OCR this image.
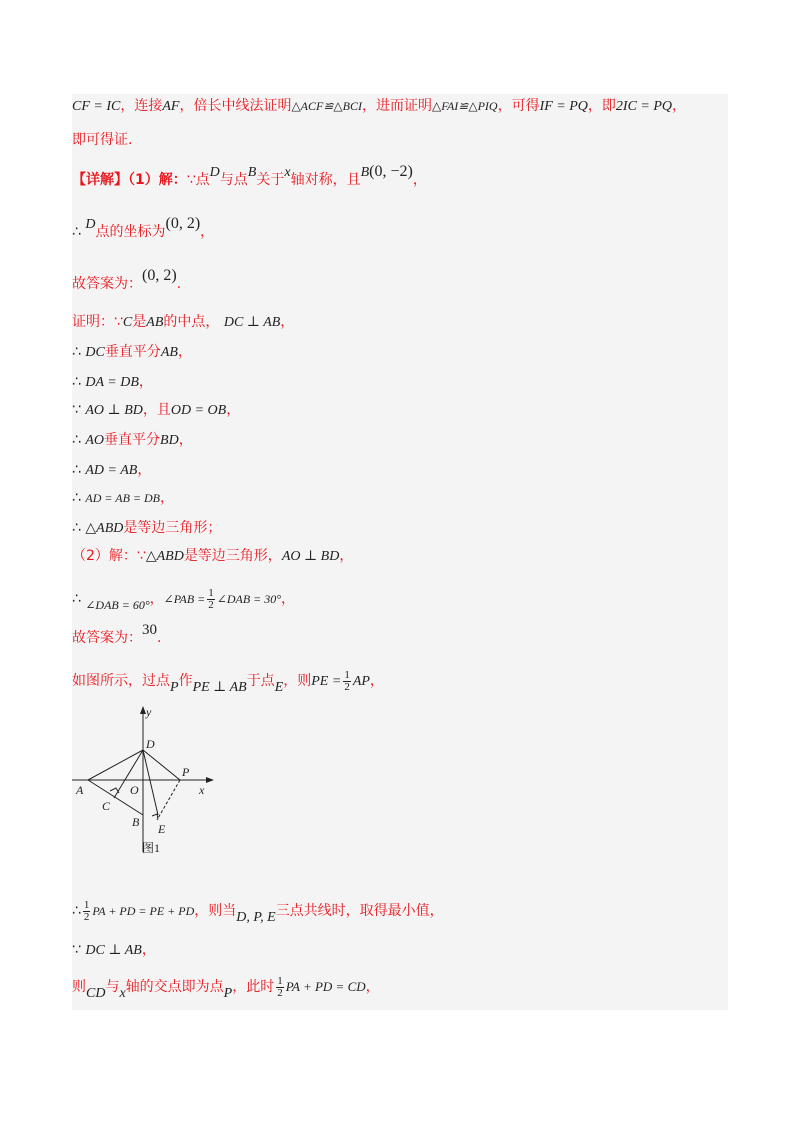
CF = IC，连接AF，倍长中线法证明△ACF≌△BCI，进而证明△FAI≌△PIQ，可得IF = PQ，即2IC = PQ，
即可得证.
【详解】（1）解：∵点D与点B关于x轴对称，且B(0, −2)，
∴ D点的坐标为(0, 2)，
故答案为：(0, 2).
证明：∵C是AB的中点， DC ⊥ AB，
∴ DC垂直平分AB，
∴ DA = DB，
∵ AO ⊥ BD，且OD = OB，
∴ AO垂直平分BD，
∴ AD = AB，
∴ AD = AB = DB，
∴ △ABD是等边三角形；
（2）解：∵△ABD是等边三角形，AO ⊥ BD，
∴ ∠DAB = 60°，∠PAB = $\frac{1}{2}$ ∠DAB = 30°，
故答案为：30.
如图所示，过点P作PE ⊥ AB于点E，则PE = $\frac{1}{2}$ AP，
y
x
D
P
A	O
C
B E
图1
∴ $\frac{1}{2}$ PA + PD = PE + PD，则当D, P, E三点共线时，取得最小值，
∵ DC ⊥ AB，
则CD与x轴的交点即为点P，此时 $\frac{1}{2}$ PA + PD = CD，
